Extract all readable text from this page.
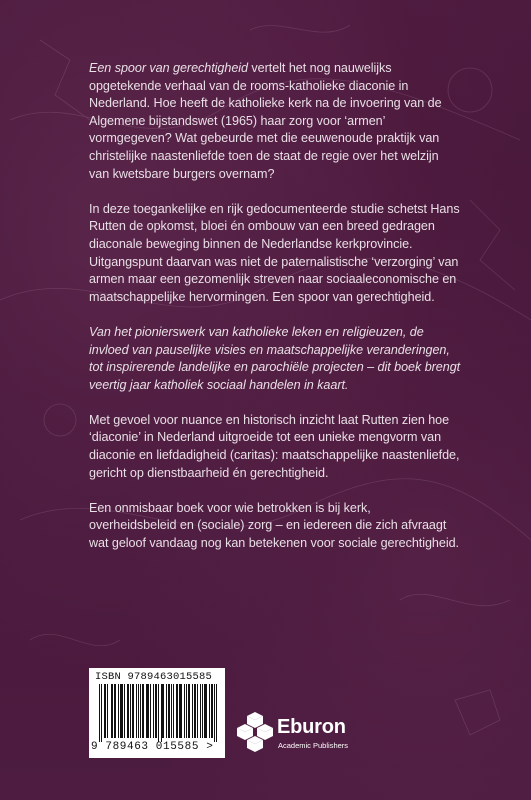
Een spoor van gerechtigheid vertelt het nog nauwelijks opgetekende verhaal van de rooms-katholieke diaconie in Nederland. Hoe heeft de katholieke kerk na de invoering van de Algemene bijstandswet (1965) haar zorg voor ‘armen’ vormgegeven? Wat gebeurde met die eeuwenoude praktijk van christelijke naastenliefde toen de staat de regie over het welzijn van kwetsbare burgers overnam?

In deze toegankelijke en rijk gedocumenteerde studie schetst Hans Rutten de opkomst, bloei én ombouw van een breed gedragen diaconale beweging binnen de Nederlandse kerkprovincie. Uitgangspunt daarvan was niet de paternalistische ‘verzorging’ van armen maar een gezomenlijk streven naar sociaaleconomische en maatschappelijke hervormingen. Een spoor van gerechtigheid.

Van het pionierswerk van katholieke leken en religieuzen, de invloed van pauselijke visies en maatschappelijke veranderingen, tot inspirerende landelijke en parochiële projecten – dit boek brengt veertig jaar katholiek sociaal handelen in kaart.

Met gevoel voor nuance en historisch inzicht laat Rutten zien hoe ‘diaconie’ in Nederland uitgroeide tot een unieke mengvorm van diaconie en liefdadigheid (caritas): maatschappelijke naastenliefde, gericht op dienstbaarheid én gerechtigheid.

Een onmisbaar boek voor wie betrokken is bij kerk, overheidsbeleid en (sociale) zorg – en iedereen die zich afvraagt wat geloof vandaag nog kan betekenen voor sociale gerechtigheid.

ISBN 9789463015585
9 789463 015585 >
Eburon
Academic Publishers
